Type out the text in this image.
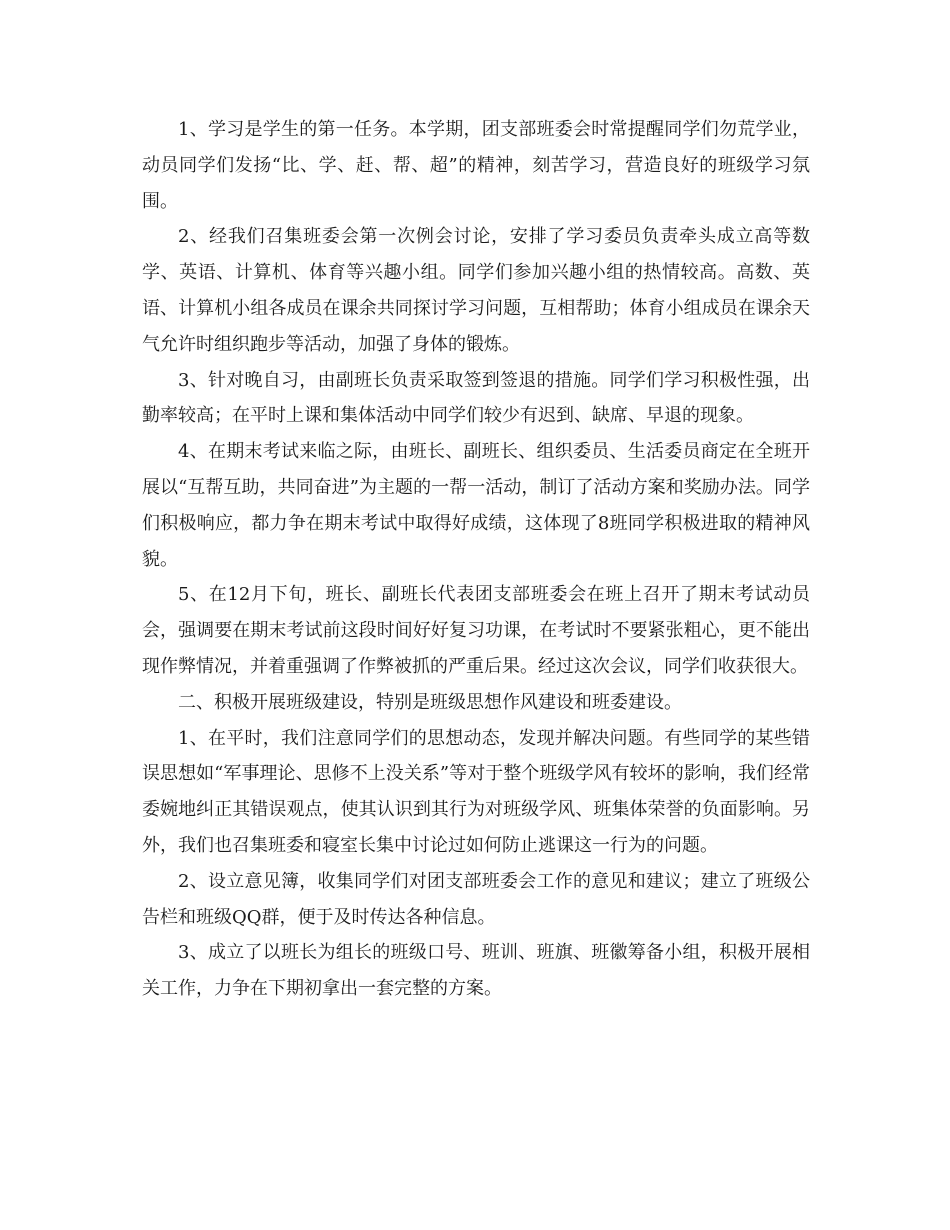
1、学习是学生的第一任务。本学期，团支部班委会时常提醒同学们勿荒学业，动员同学们发扬“比、学、赶、帮、超”的精神，刻苦学习，营造良好的班级学习氛围。

2、经我们召集班委会第一次例会讨论，安排了学习委员负责牵头成立高等数学、英语、计算机、体育等兴趣小组。同学们参加兴趣小组的热情较高。高数、英语、计算机小组各成员在课余共同探讨学习问题，互相帮助；体育小组成员在课余天气允许时组织跑步等活动，加强了身体的锻炼。

3、针对晚自习，由副班长负责采取签到签退的措施。同学们学习积极性强，出勤率较高；在平时上课和集体活动中同学们较少有迟到、缺席、早退的现象。

4、在期末考试来临之际，由班长、副班长、组织委员、生活委员商定在全班开展以“互帮互助，共同奋进”为主题的一帮一活动，制订了活动方案和奖励办法。同学们积极响应，都力争在期末考试中取得好成绩，这体现了8班同学积极进取的精神风貌。

5、在12月下旬，班长、副班长代表团支部班委会在班上召开了期末考试动员会，强调要在期末考试前这段时间好好复习功课，在考试时不要紧张粗心，更不能出现作弊情况，并着重强调了作弊被抓的严重后果。经过这次会议，同学们收获很大。

二、积极开展班级建设，特别是班级思想作风建设和班委建设。

1、在平时，我们注意同学们的思想动态，发现并解决问题。有些同学的某些错误思想如“军事理论、思修不上没关系”等对于整个班级学风有较坏的影响，我们经常委婉地纠正其错误观点，使其认识到其行为对班级学风、班集体荣誉的负面影响。另外，我们也召集班委和寝室长集中讨论过如何防止逃课这一行为的问题。

2、设立意见簿，收集同学们对团支部班委会工作的意见和建议；建立了班级公告栏和班级QQ群，便于及时传达各种信息。

3、成立了以班长为组长的班级口号、班训、班旗、班徽筹备小组，积极开展相关工作，力争在下期初拿出一套完整的方案。
